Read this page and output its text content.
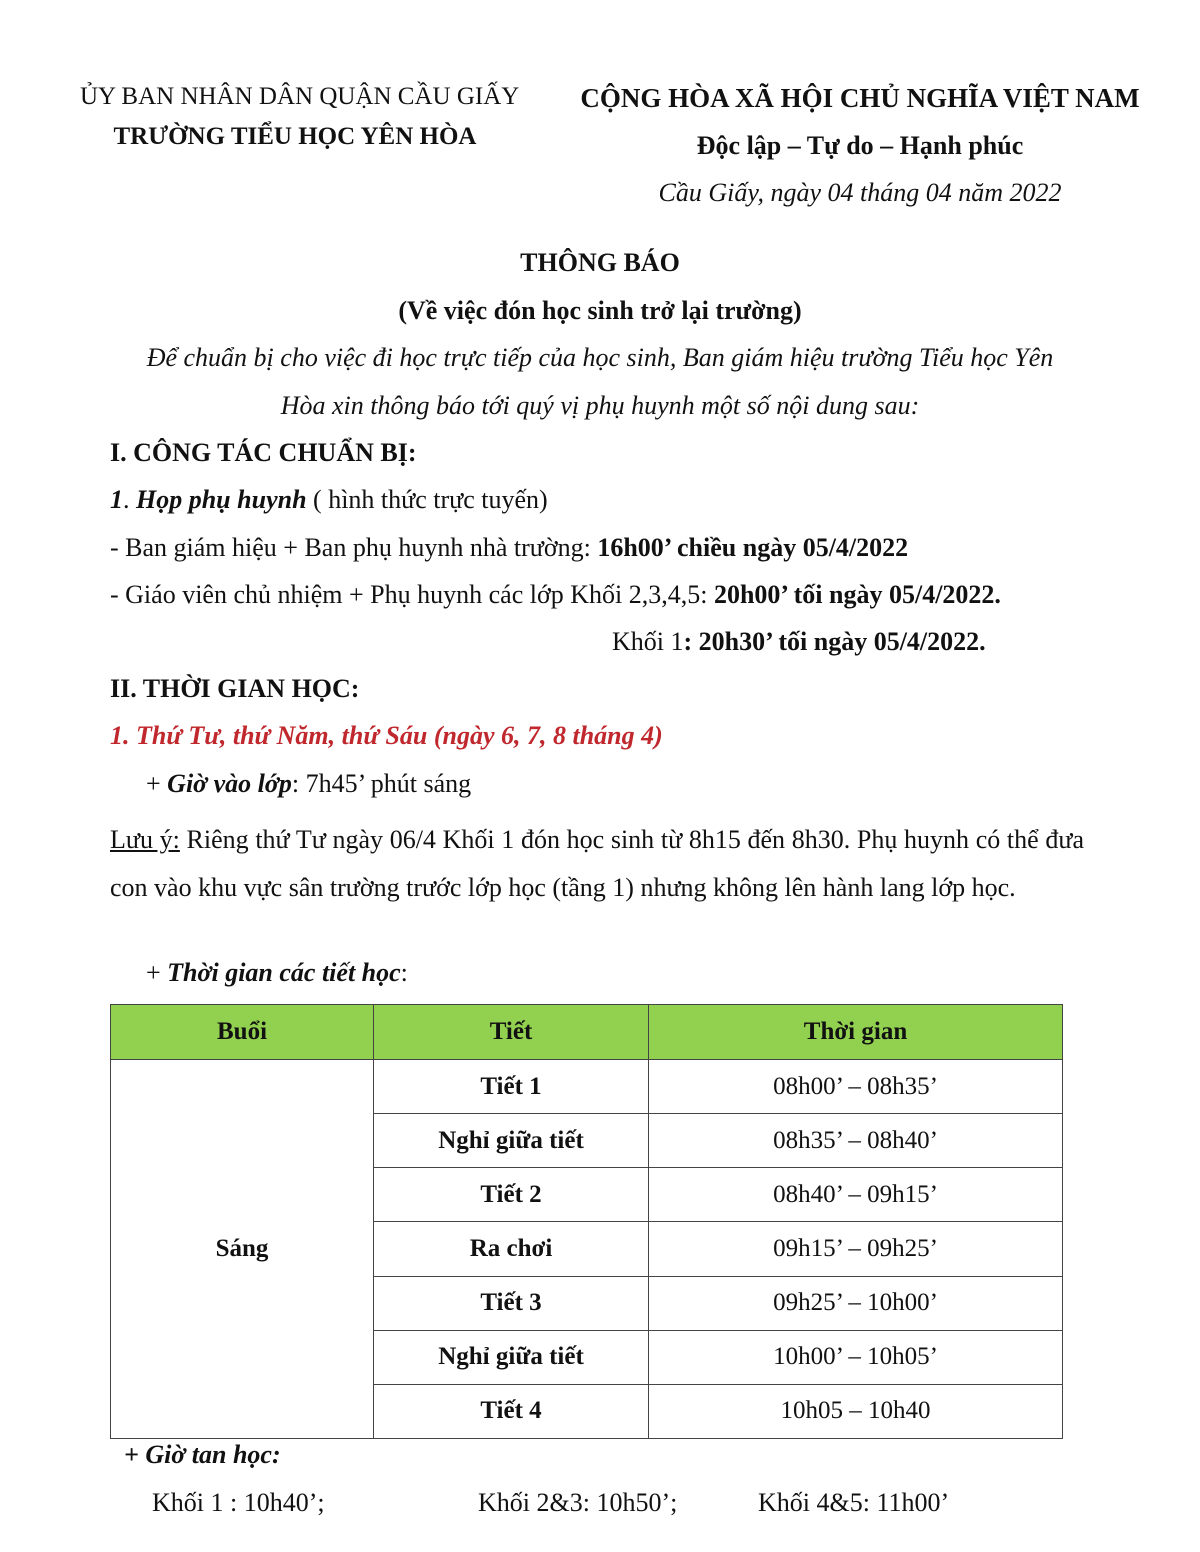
ỦY BAN NHÂN DÂN QUẬN CẦU GIẤY
TRƯỜNG TIỂU HỌC YÊN HÒA
CỘNG HÒA XÃ HỘI CHỦ NGHĨA VIỆT NAM
Độc lập – Tự do – Hạnh phúc
Cầu Giấy, ngày 04 tháng 04 năm 2022
THÔNG BÁO
(Về việc đón học sinh trở lại trường)
Để chuẩn bị cho việc đi học trực tiếp của học sinh, Ban giám hiệu trường Tiểu học Yên
Hòa xin thông báo tới quý vị phụ huynh một số nội dung sau:
I. CÔNG TÁC CHUẨN BỊ:
1. Họp phụ huynh ( hình thức trực tuyến)
- Ban giám hiệu + Ban phụ huynh nhà trường: 16h00’ chiều ngày 05/4/2022
- Giáo viên chủ nhiệm + Phụ huynh các lớp Khối 2,3,4,5: 20h00’ tối ngày 05/4/2022.
Khối 1: 20h30’ tối ngày 05/4/2022.
II. THỜI GIAN HỌC:
1. Thứ Tư, thứ Năm, thứ Sáu (ngày 6, 7, 8 tháng 4)
+ Giờ vào lớp: 7h45’ phút sáng
Lưu ý: Riêng thứ Tư ngày 06/4 Khối 1 đón học sinh từ 8h15 đến 8h30. Phụ huynh có thể đưa con vào khu vực sân trường trước lớp học (tầng 1) nhưng không lên hành lang lớp học.
+ Thời gian các tiết học:
Buổi	Tiết	Thời gian
Sáng	Tiết 1	08h00’ – 08h35’
	Nghỉ giữa tiết	08h35’ – 08h40’
	Tiết 2	08h40’ – 09h15’
	Ra chơi	09h15’ – 09h25’
	Tiết 3	09h25’ – 10h00’
	Nghỉ giữa tiết	10h00’ – 10h05’
	Tiết 4	10h05 – 10h40
+ Giờ tan học:
Khối 1 : 10h40’;	Khối 2&3: 10h50’;	Khối 4&5: 11h00’
